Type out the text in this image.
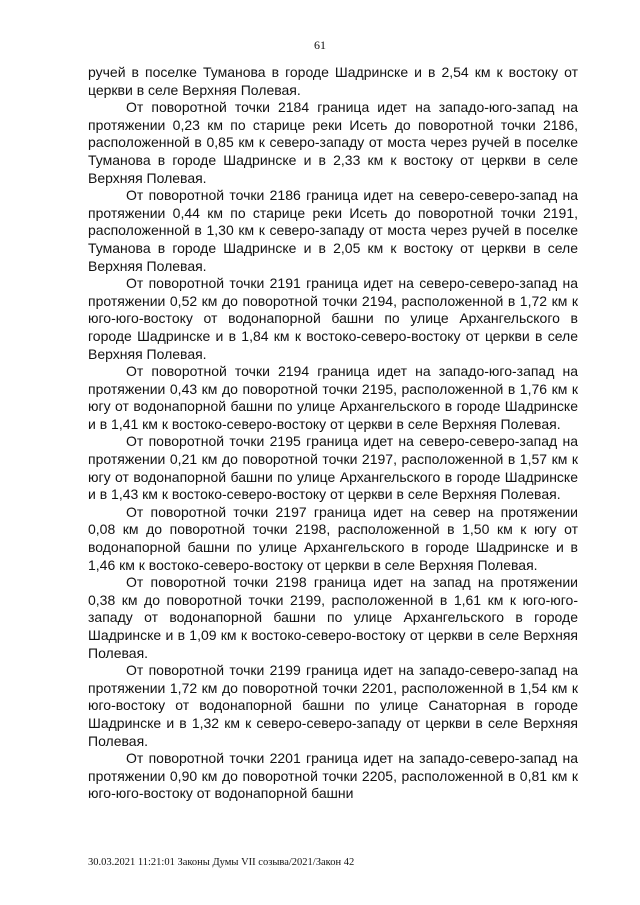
61

ручей в поселке Туманова в городе Шадринске и в 2,54 км к востоку от церкви в селе Верхняя Полевая.

От поворотной точки 2184 граница идет на западо-юго-запад на протяжении 0,23 км по старице реки Исеть до поворотной точки 2186, расположенной в 0,85 км к северо-западу от моста через ручей в поселке Туманова в городе Шадринске и в 2,33 км к востоку от церкви в селе Верхняя Полевая.

От поворотной точки 2186 граница идет на северо-северо-запад на протяжении 0,44 км по старице реки Исеть до поворотной точки 2191, расположенной в 1,30 км к северо-западу от моста через ручей в поселке Туманова в городе Шадринске и в 2,05 км к востоку от церкви в селе Верхняя Полевая.

От поворотной точки 2191 граница идет на северо-северо-запад на протяжении 0,52 км до поворотной точки 2194, расположенной в 1,72 км к юго-юго-востоку от водонапорной башни по улице Архангельского в городе Шадринске и в 1,84 км к востоко-северо-востоку от церкви в селе Верхняя Полевая.

От поворотной точки 2194 граница идет на западо-юго-запад на протяжении 0,43 км до поворотной точки 2195, расположенной в 1,76 км к югу от водонапорной башни по улице Архангельского в городе Шадринске и в 1,41 км к востоко-северо-востоку от церкви в селе Верхняя Полевая.

От поворотной точки 2195 граница идет на северо-северо-запад на протяжении 0,21 км до поворотной точки 2197, расположенной в 1,57 км к югу от водонапорной башни по улице Архангельского в городе Шадринске и в 1,43 км к востоко-северо-востоку от церкви в селе Верхняя Полевая.

От поворотной точки 2197 граница идет на север на протяжении 0,08 км до поворотной точки 2198, расположенной в 1,50 км к югу от водонапорной башни по улице Архангельского в городе Шадринске и в 1,46 км к востоко-северо-востоку от церкви в селе Верхняя Полевая.

От поворотной точки 2198 граница идет на запад на протяжении 0,38 км до поворотной точки 2199, расположенной в 1,61 км к юго-юго-западу от водонапорной башни по улице Архангельского в городе Шадринске и в 1,09 км к востоко-северо-востоку от церкви в селе Верхняя Полевая.

От поворотной точки 2199 граница идет на западо-северо-запад на протяжении 1,72 км до поворотной точки 2201, расположенной в 1,54 км к юго-востоку от водонапорной башни по улице Санаторная в городе Шадринске и в 1,32 км к северо-северо-западу от церкви в селе Верхняя Полевая.

От поворотной точки 2201 граница идет на западо-северо-запад на протяжении 0,90 км до поворотной точки 2205, расположенной в 0,81 км к юго-юго-востоку от водонапорной башни

30.03.2021 11:21:01 Законы Думы VII созыва/2021/Закон 42
